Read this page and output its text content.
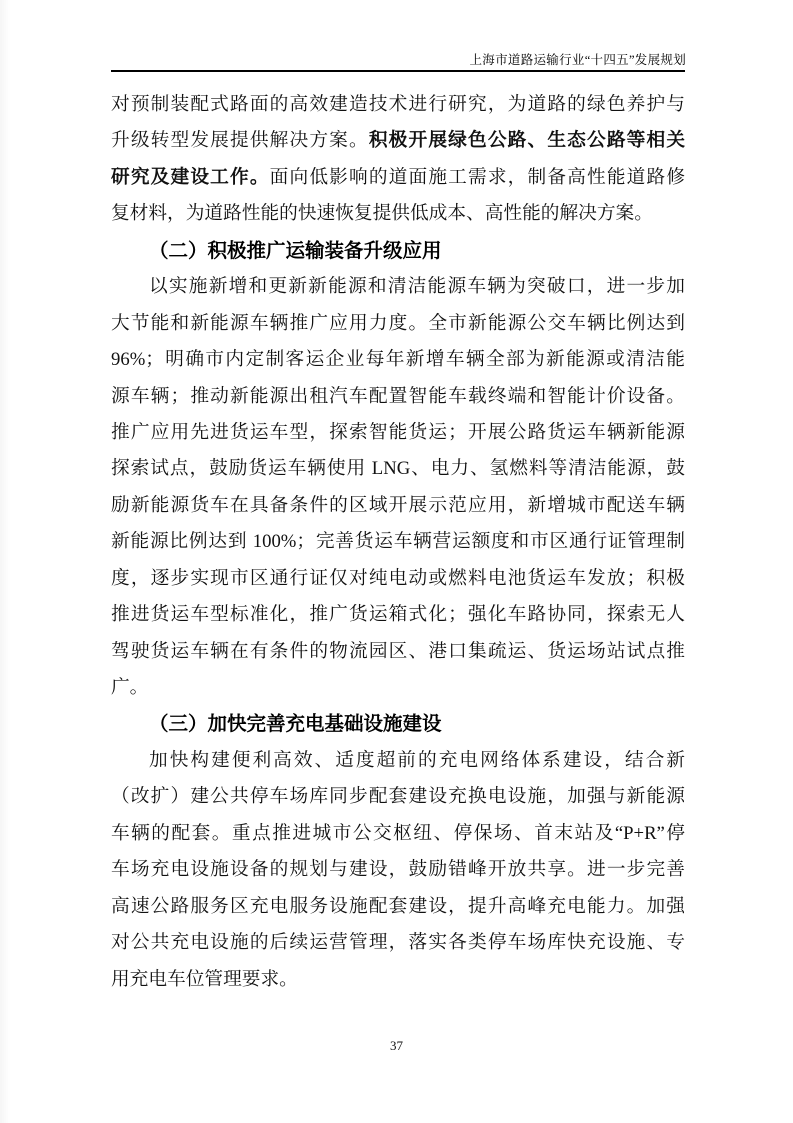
上海市道路运输行业“十四五”发展规划
对预制装配式路面的高效建造技术进行研究，为道路的绿色养护与
升级转型发展提供解决方案。积极开展绿色公路、生态公路等相关
研究及建设工作。面向低影响的道面施工需求，制备高性能道路修
复材料，为道路性能的快速恢复提供低成本、高性能的解决方案。
（二）积极推广运输装备升级应用
以实施新增和更新新能源和清洁能源车辆为突破口，进一步加
大节能和新能源车辆推广应用力度。全市新能源公交车辆比例达到
96%；明确市内定制客运企业每年新增车辆全部为新能源或清洁能
源车辆；推动新能源出租汽车配置智能车载终端和智能计价设备。
推广应用先进货运车型，探索智能货运；开展公路货运车辆新能源
探索试点，鼓励货运车辆使用 LNG、电力、氢燃料等清洁能源，鼓
励新能源货车在具备条件的区域开展示范应用，新增城市配送车辆
新能源比例达到 100%；完善货运车辆营运额度和市区通行证管理制
度，逐步实现市区通行证仅对纯电动或燃料电池货运车发放；积极
推进货运车型标准化，推广货运箱式化；强化车路协同，探索无人
驾驶货运车辆在有条件的物流园区、港口集疏运、货运场站试点推
广。
（三）加快完善充电基础设施建设
加快构建便利高效、适度超前的充电网络体系建设，结合新
（改扩）建公共停车场库同步配套建设充换电设施，加强与新能源
车辆的配套。重点推进城市公交枢纽、停保场、首末站及“P+R”停
车场充电设施设备的规划与建设，鼓励错峰开放共享。进一步完善
高速公路服务区充电服务设施配套建设，提升高峰充电能力。加强
对公共充电设施的后续运营管理，落实各类停车场库快充设施、专
用充电车位管理要求。
37
